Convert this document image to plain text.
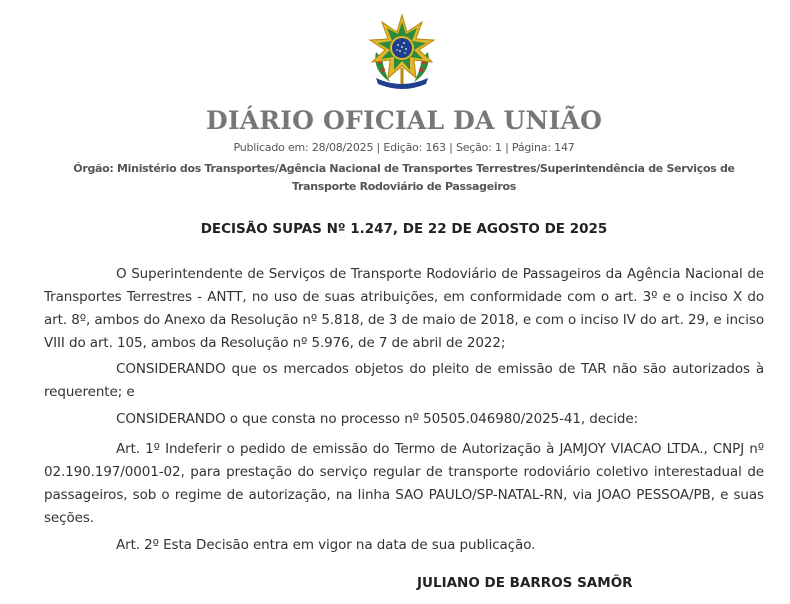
DIÁRIO OFICIAL DA UNIÃO
Publicado em: 28/08/2025 | Edição: 163 | Seção: 1 | Página: 147
Órgão: Ministério dos Transportes/Agência Nacional de Transportes Terrestres/Superintendência de Serviços de Transporte Rodoviário de Passageiros
DECISÃO SUPAS Nº 1.247, DE 22 DE AGOSTO DE 2025

O Superintendente de Serviços de Transporte Rodoviário de Passageiros da Agência Nacional de Transportes Terrestres - ANTT, no uso de suas atribuições, em conformidade com o art. 3º e o inciso X do art. 8º, ambos do Anexo da Resolução nº 5.818, de 3 de maio de 2018, e com o inciso IV do art. 29, e inciso VIII do art. 105, ambos da Resolução nº 5.976, de 7 de abril de 2022;

CONSIDERANDO que os mercados objetos do pleito de emissão de TAR não são autorizados à requerente; e

CONSIDERANDO o que consta no processo nº 50505.046980/2025-41, decide:

Art. 1º Indeferir o pedido de emissão do Termo de Autorização à JAMJOY VIACAO LTDA., CNPJ nº 02.190.197/0001-02, para prestação do serviço regular de transporte rodoviário coletivo interestadual de passageiros, sob o regime de autorização, na linha SAO PAULO/SP-NATAL-RN, via JOAO PESSOA/PB, e suas seções.

Art. 2º Esta Decisão entra em vigor na data de sua publicação.

JULIANO DE BARROS SAMÔR
